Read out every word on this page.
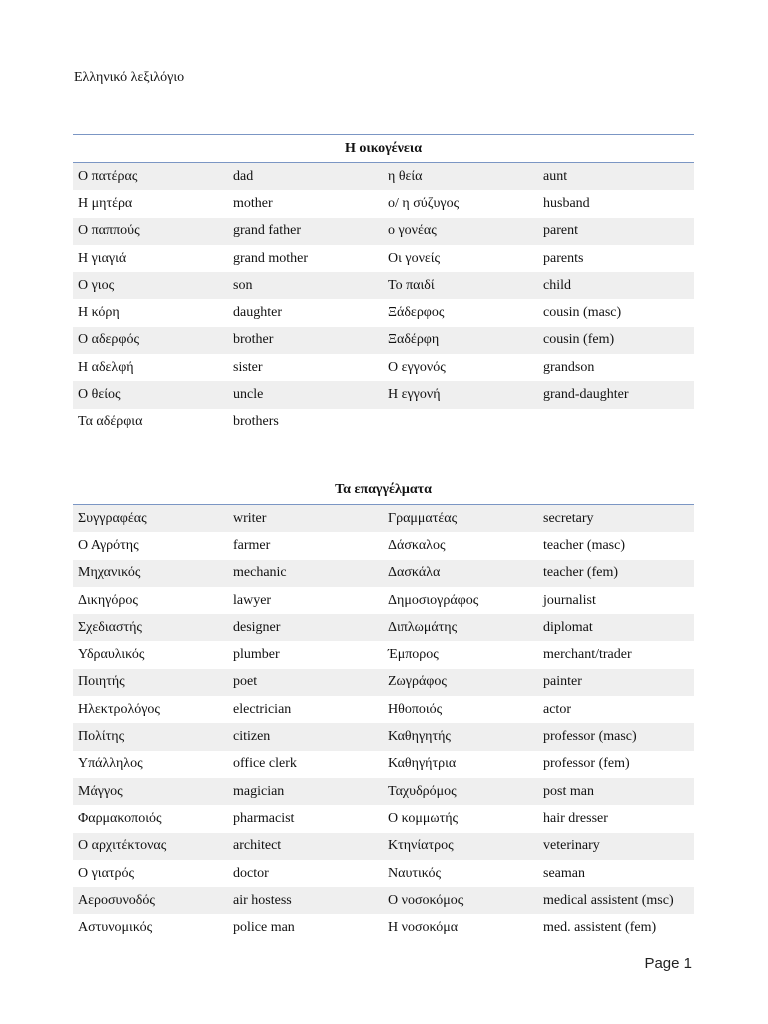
Ελληνικό λεξιλόγιο
Η οικογένεια			
Ο πατέρας	dad	η θεία	aunt
Η μητέρα	mother	ο/ η σύζυγος	husband
Ο παππούς	grand father	ο γονέας	parent
Η γιαγιά	grand mother	Οι γονείς	parents
Ο γιος	son	Το παιδί	child
Η κόρη	daughter	Ξάδερφος	cousin (masc)
Ο αδερφός	brother	Ξαδέρφη	cousin (fem)
Η αδελφή	sister	Ο εγγονός	grandson
Ο θείος	uncle	Η εγγονή	grand-daughter
Τα αδέρφια	brothers		
Τα επαγγέλματα			
Συγγραφέας	writer	Γραμματέας	secretary
Ο Αγρότης	farmer	Δάσκαλος	teacher (masc)
Μηχανικός	mechanic	Δασκάλα	teacher (fem)
Δικηγόρος	lawyer	Δημοσιογράφος	journalist
Σχεδιαστής	designer	Διπλωμάτης	diplomat
Υδραυλικός	plumber	Έμπορος	merchant/trader
Ποιητής	poet	Ζωγράφος	painter
Ηλεκτρολόγος	electrician	Ηθοποιός	actor
Πολίτης	citizen	Καθηγητής	professor (masc)
Υπάλληλος	office clerk	Καθηγήτρια	professor (fem)
Μάγγος	magician	Ταχυδρόμος	post man
Φαρμακοποιός	pharmacist	Ο κομμωτής	hair dresser
Ο αρχιτέκτονας	architect	Κτηνίατρος	veterinary
Ο γιατρός	doctor	Ναυτικός	seaman
Αεροσυνοδός	air hostess	Ο νοσοκόμος	medical assistent (msc)
Αστυνομικός	police man	Η νοσοκόμα	med. assistent (fem)
Page 1
